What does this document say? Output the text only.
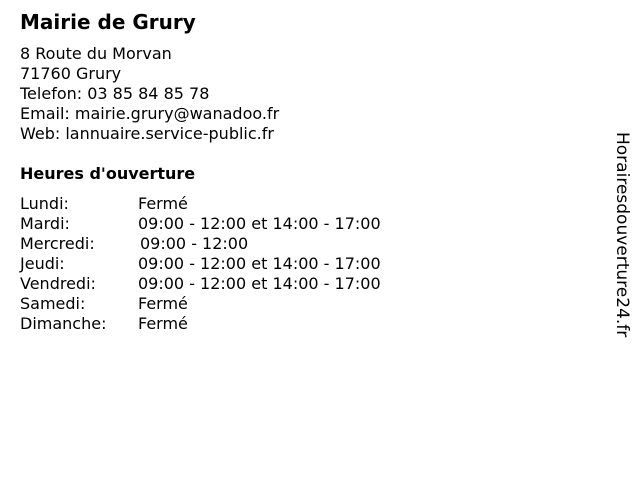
Mairie de Grury
8 Route du Morvan
71760 Grury
Telefon: 03 85 84 85 78
Email: mairie.grury@wanadoo.fr
Web: lannuaire.service-public.fr
Heures d'ouverture
Lundi:	Fermé
Mardi:	09:00 - 12:00 et 14:00 - 17:00
Mercredi:	09:00 - 12:00
Jeudi:	09:00 - 12:00 et 14:00 - 17:00
Vendredi:	09:00 - 12:00 et 14:00 - 17:00
Samedi:	Fermé
Dimanche: Fermé	Horairesdouverture24.fr
